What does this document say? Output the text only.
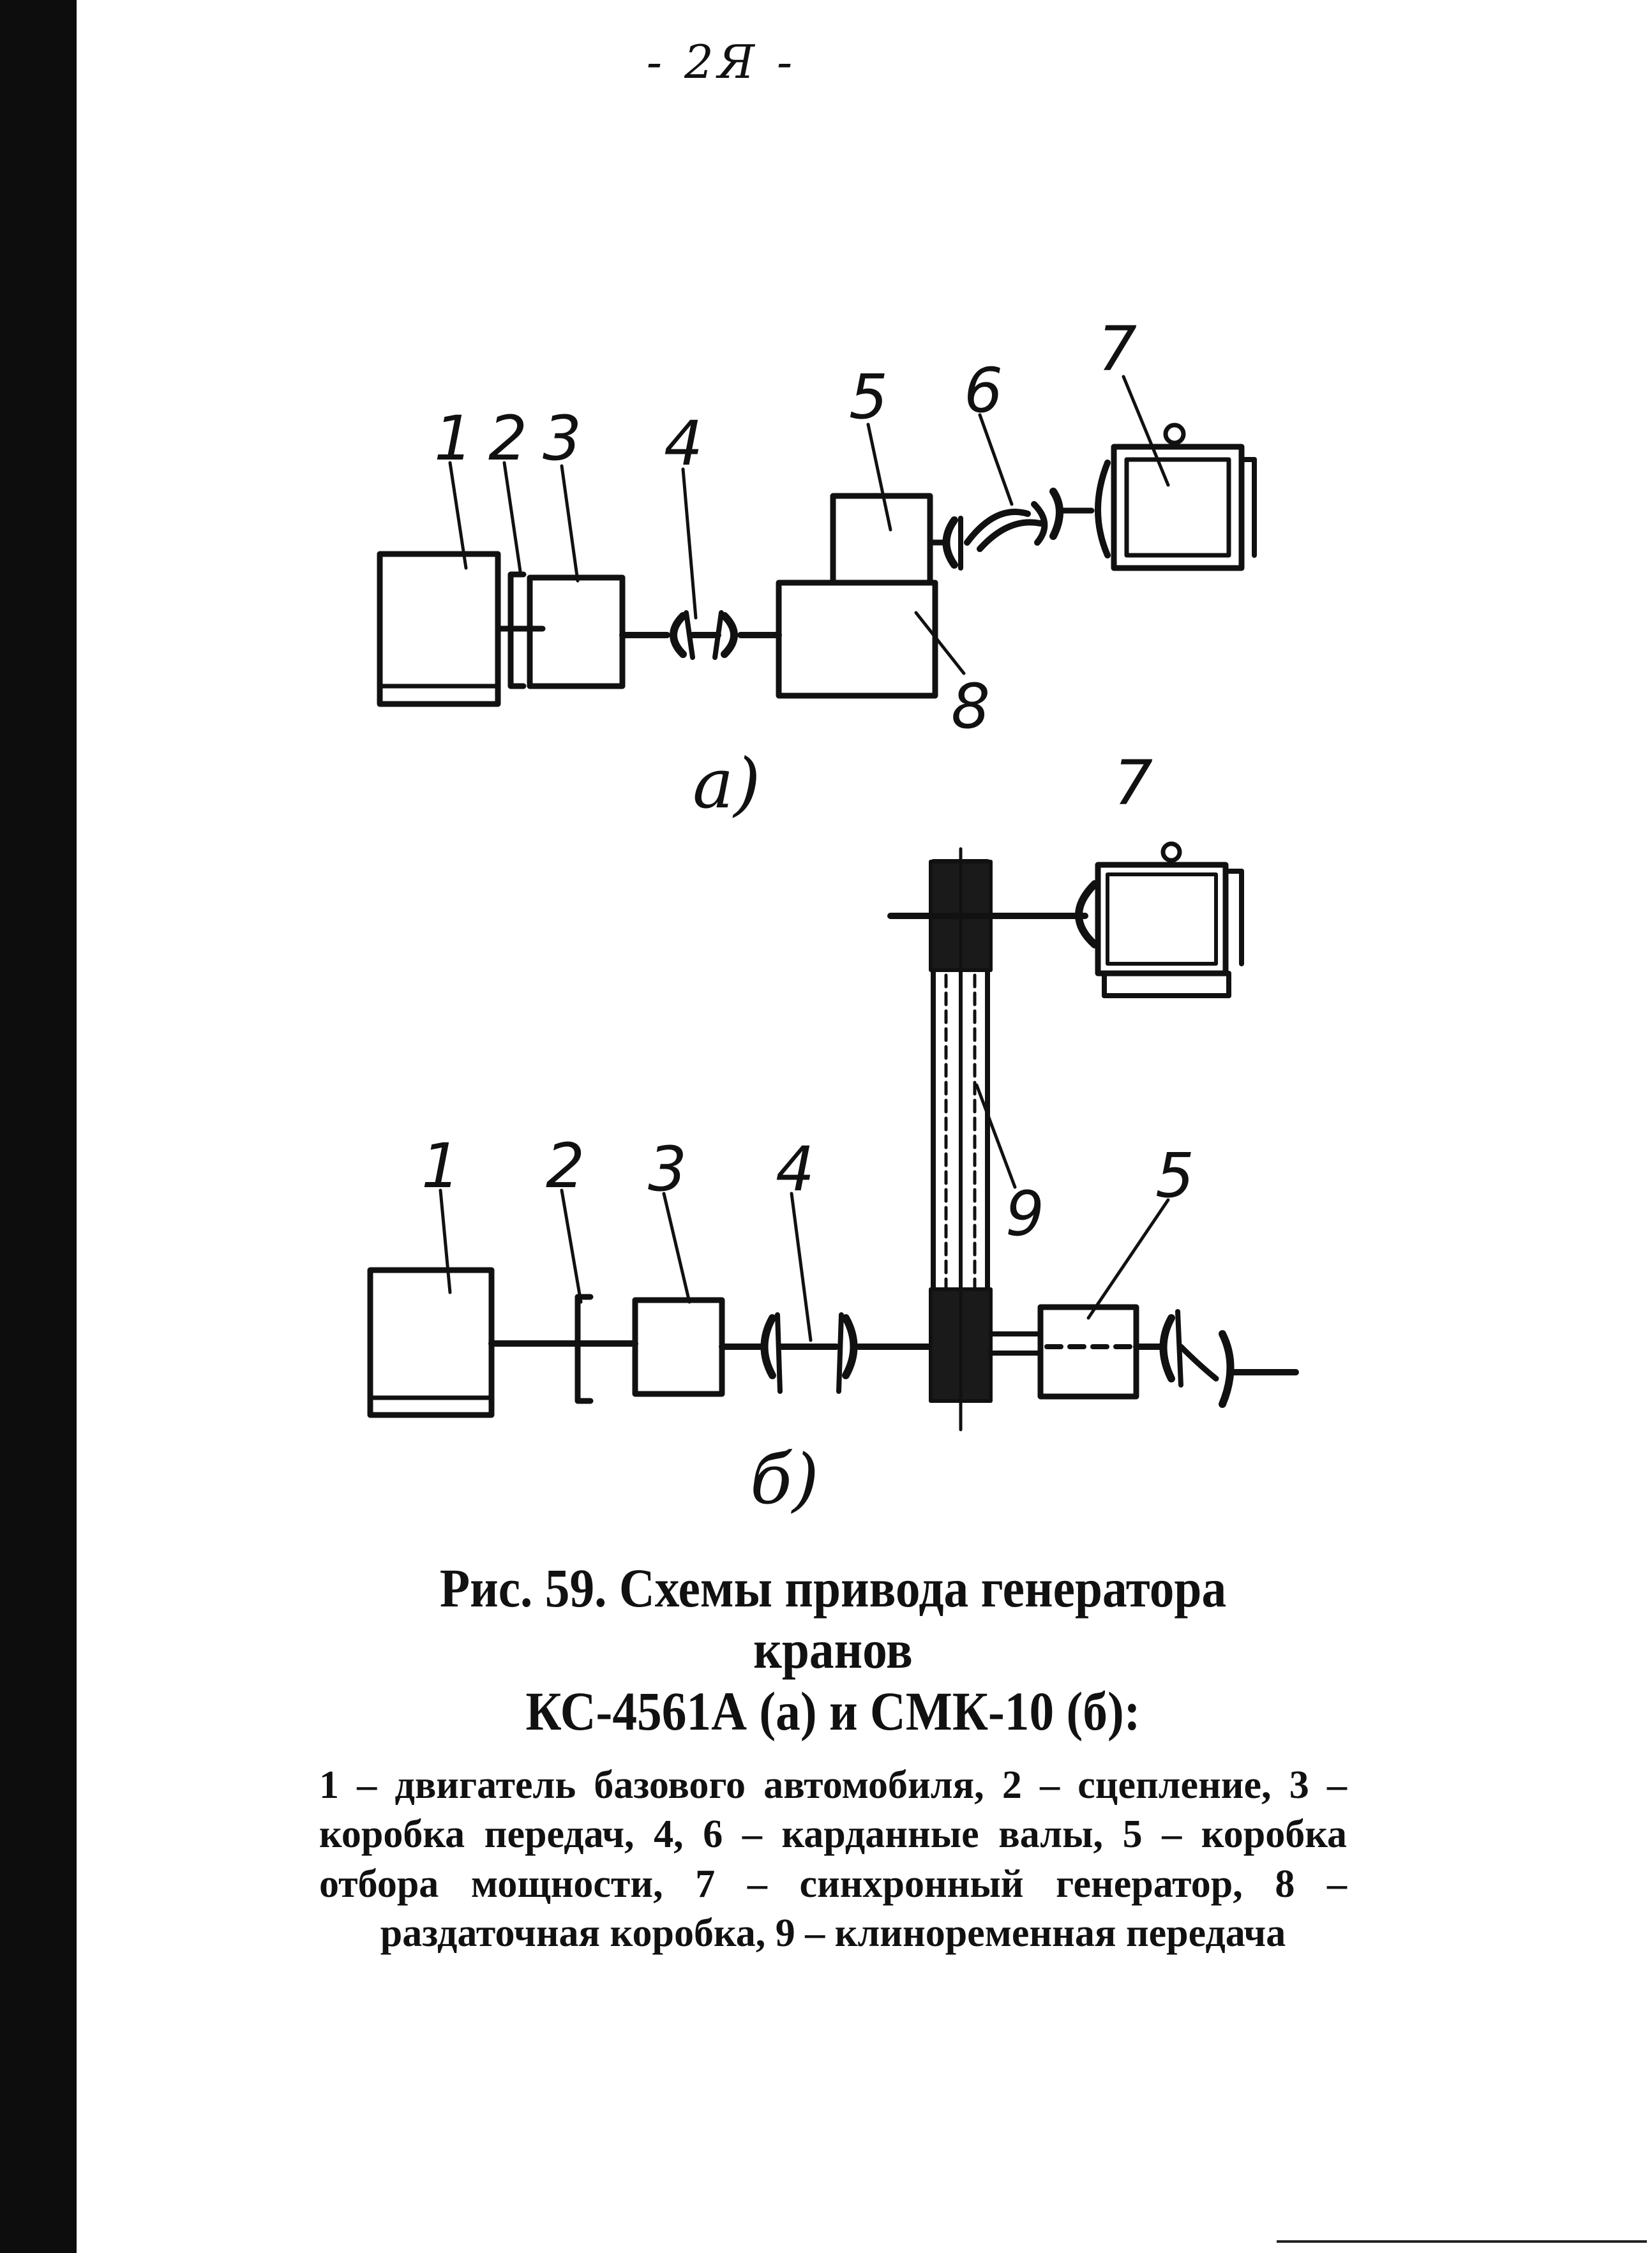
- 2Я -
1 2 3 4
5 6
7
8
а)
1 2 3 4	5
7
9
б)

Рис. 59. Схемы привода генератора кранов

КС-4561А (а) и СМК-10 (б):

1 – двигатель базового автомобиля, 2 – сцепление, 3 – коробка передач, 4, 6 – карданные валы, 5 – коробка отбора мощности, 7 – синхронный генератор, 8 – раздаточная коробка, 9 – клиноременная передача
